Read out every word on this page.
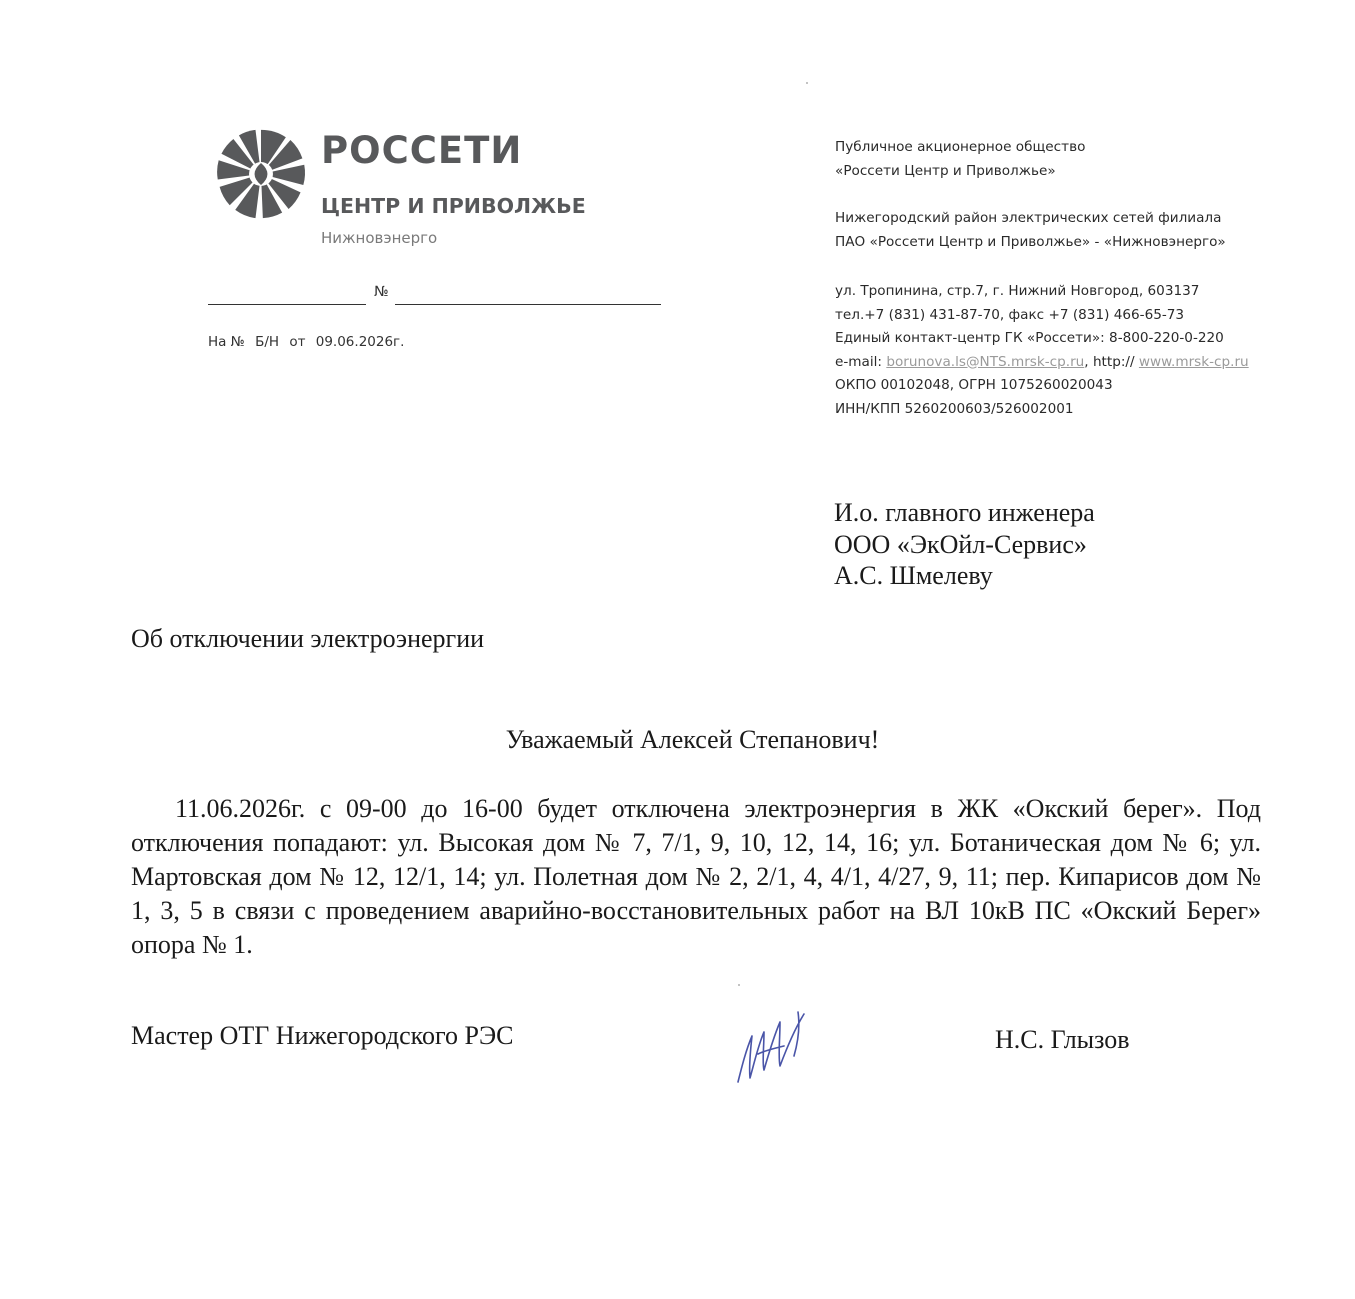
РОССЕТИ
ЦЕНТР И ПРИВОЛЖЬЕ
Нижновэнерго
№
На № Б/Н от 09.06.2026г.
Публичное акционерное общество
«Россети Центр и Приволжье»
Нижегородский район электрических сетей филиала
ПАО «Россети Центр и Приволжье» - «Нижновэнерго»
ул. Тропинина, стр.7, г. Нижний Новгород, 603137
тел.+7 (831) 431-87-70, факс +7 (831) 466-65-73
Единый контакт-центр ГК «Россети»: 8-800-220-0-220
e-mail: borunova.ls@NTS.mrsk-cp.ru, http:// www.mrsk-cp.ru
ОКПО 00102048, ОГРН 1075260020043
ИНН/КПП 5260200603/526002001
И.о. главного инженера
ООО «ЭкОйл-Сервис»
А.С. Шмелеву
Об отключении электроэнергии
Уважаемый Алексей Степанович!
11.06.2026г. с 09-00 до 16-00 будет отключена электроэнергия в ЖК «Окский берег». Под отключения попадают: ул. Высокая дом № 7, 7/1, 9, 10, 12, 14, 16; ул. Ботаническая дом № 6; ул. Мартовская дом № 12, 12/1, 14; ул. Полетная дом № 2, 2/1, 4, 4/1, 4/27, 9, 11; пер. Кипарисов дом № 1, 3, 5 в связи с проведением аварийно-восстановительных работ на ВЛ 10кВ ПС «Окский Берег» опора № 1.
Мастер ОТГ Нижегородского РЭС	Н.С. Глызов
